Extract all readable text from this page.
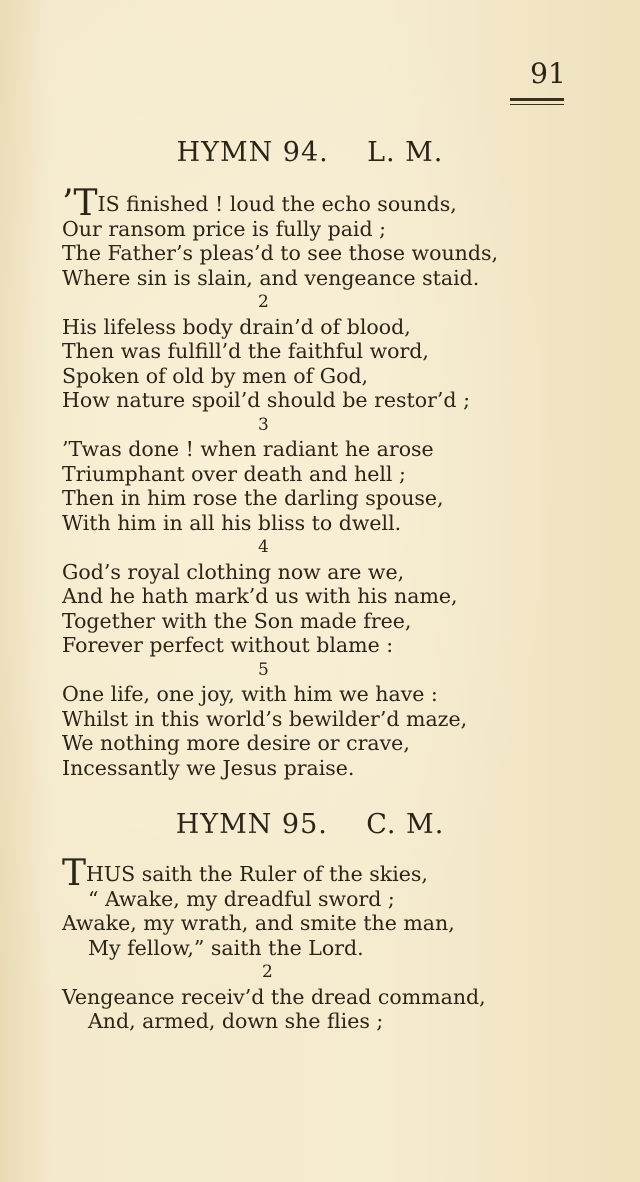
91
HYMN 94.    L. M.
’TIS finished ! loud the echo sounds,
Our ransom price is fully paid ;
The Father’s pleas’d to see those wounds,
Where sin is slain, and vengeance staid.
2
His lifeless body drain’d of blood,
Then was fulfill’d the faithful word,
Spoken of old by men of God,
How nature spoil’d should be restor’d ;
3
’Twas done ! when radiant he arose
Triumphant over death and hell ;
Then in him rose the darling spouse,
With him in all his bliss to dwell.
4
God’s royal clothing now are we,
And he hath mark’d us with his name,
Together with the Son made free,
Forever perfect without blame :
5
One life, one joy, with him we have :
Whilst in this world’s bewilder’d maze,
We nothing more desire or crave,
Incessantly we Jesus praise.
HYMN 95.    C. M.
THUS saith the Ruler of the skies,
“ Awake, my dreadful sword ;
Awake, my wrath, and smite the man,
My fellow,” saith the Lord.
2
Vengeance receiv’d the dread command,
And, armed, down she flies ;
